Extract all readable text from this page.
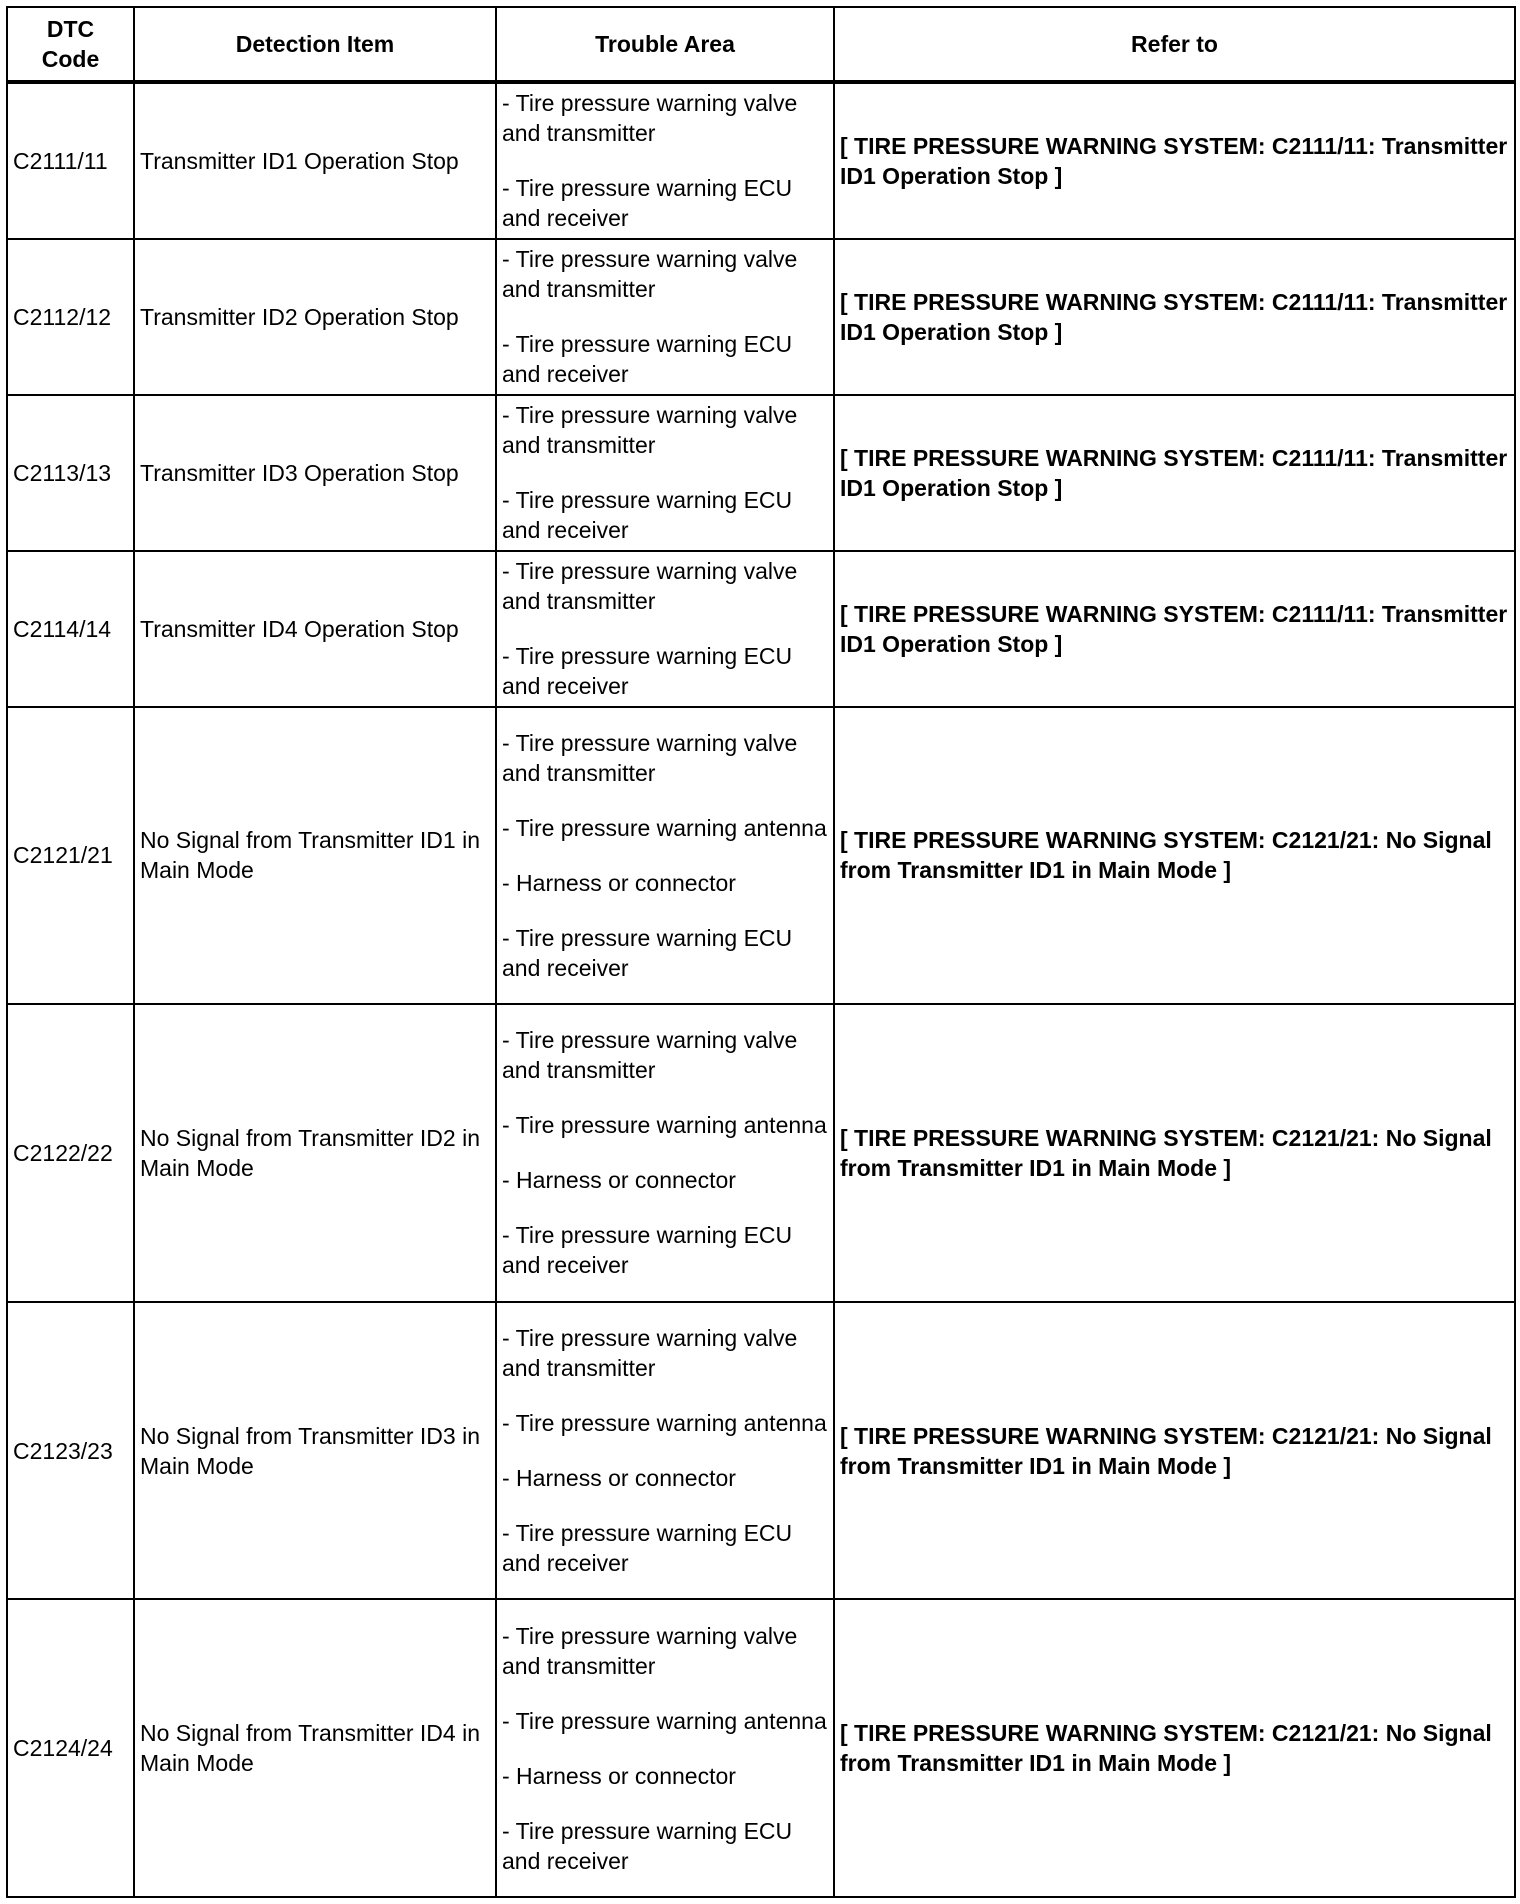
DTC
Code	Detection Item	Trouble Area	Refer to
C2111/11	Transmitter ID1 Operation Stop	- Tire pressure warning valve and transmitter
- Tire pressure warning ECU and receiver	[ TIRE PRESSURE WARNING SYSTEM: C2111/11: Transmitter ID1 Operation Stop ]
C2112/12	Transmitter ID2 Operation Stop	- Tire pressure warning valve and transmitter
- Tire pressure warning ECU and receiver	[ TIRE PRESSURE WARNING SYSTEM: C2111/11: Transmitter ID1 Operation Stop ]
C2113/13	Transmitter ID3 Operation Stop	- Tire pressure warning valve and transmitter
- Tire pressure warning ECU and receiver	[ TIRE PRESSURE WARNING SYSTEM: C2111/11: Transmitter ID1 Operation Stop ]
C2114/14	Transmitter ID4 Operation Stop	- Tire pressure warning valve and transmitter
- Tire pressure warning ECU and receiver	[ TIRE PRESSURE WARNING SYSTEM: C2111/11: Transmitter ID1 Operation Stop ]
C2121/21	No Signal from Transmitter ID1 in Main Mode	- Tire pressure warning valve and transmitter
- Tire pressure warning antenna
- Harness or connector
- Tire pressure warning ECU and receiver	[ TIRE PRESSURE WARNING SYSTEM: C2121/21: No Signal from Transmitter ID1 in Main Mode ]
C2122/22	No Signal from Transmitter ID2 in Main Mode	- Tire pressure warning valve and transmitter
- Tire pressure warning antenna
- Harness or connector
- Tire pressure warning ECU and receiver	[ TIRE PRESSURE WARNING SYSTEM: C2121/21: No Signal from Transmitter ID1 in Main Mode ]
C2123/23	No Signal from Transmitter ID3 in Main Mode	- Tire pressure warning valve and transmitter
- Tire pressure warning antenna
- Harness or connector
- Tire pressure warning ECU and receiver	[ TIRE PRESSURE WARNING SYSTEM: C2121/21: No Signal from Transmitter ID1 in Main Mode ]
C2124/24	No Signal from Transmitter ID4 in Main Mode	- Tire pressure warning valve and transmitter
- Tire pressure warning antenna
- Harness or connector
- Tire pressure warning ECU and receiver	[ TIRE PRESSURE WARNING SYSTEM: C2121/21: No Signal from Transmitter ID1 in Main Mode ]
